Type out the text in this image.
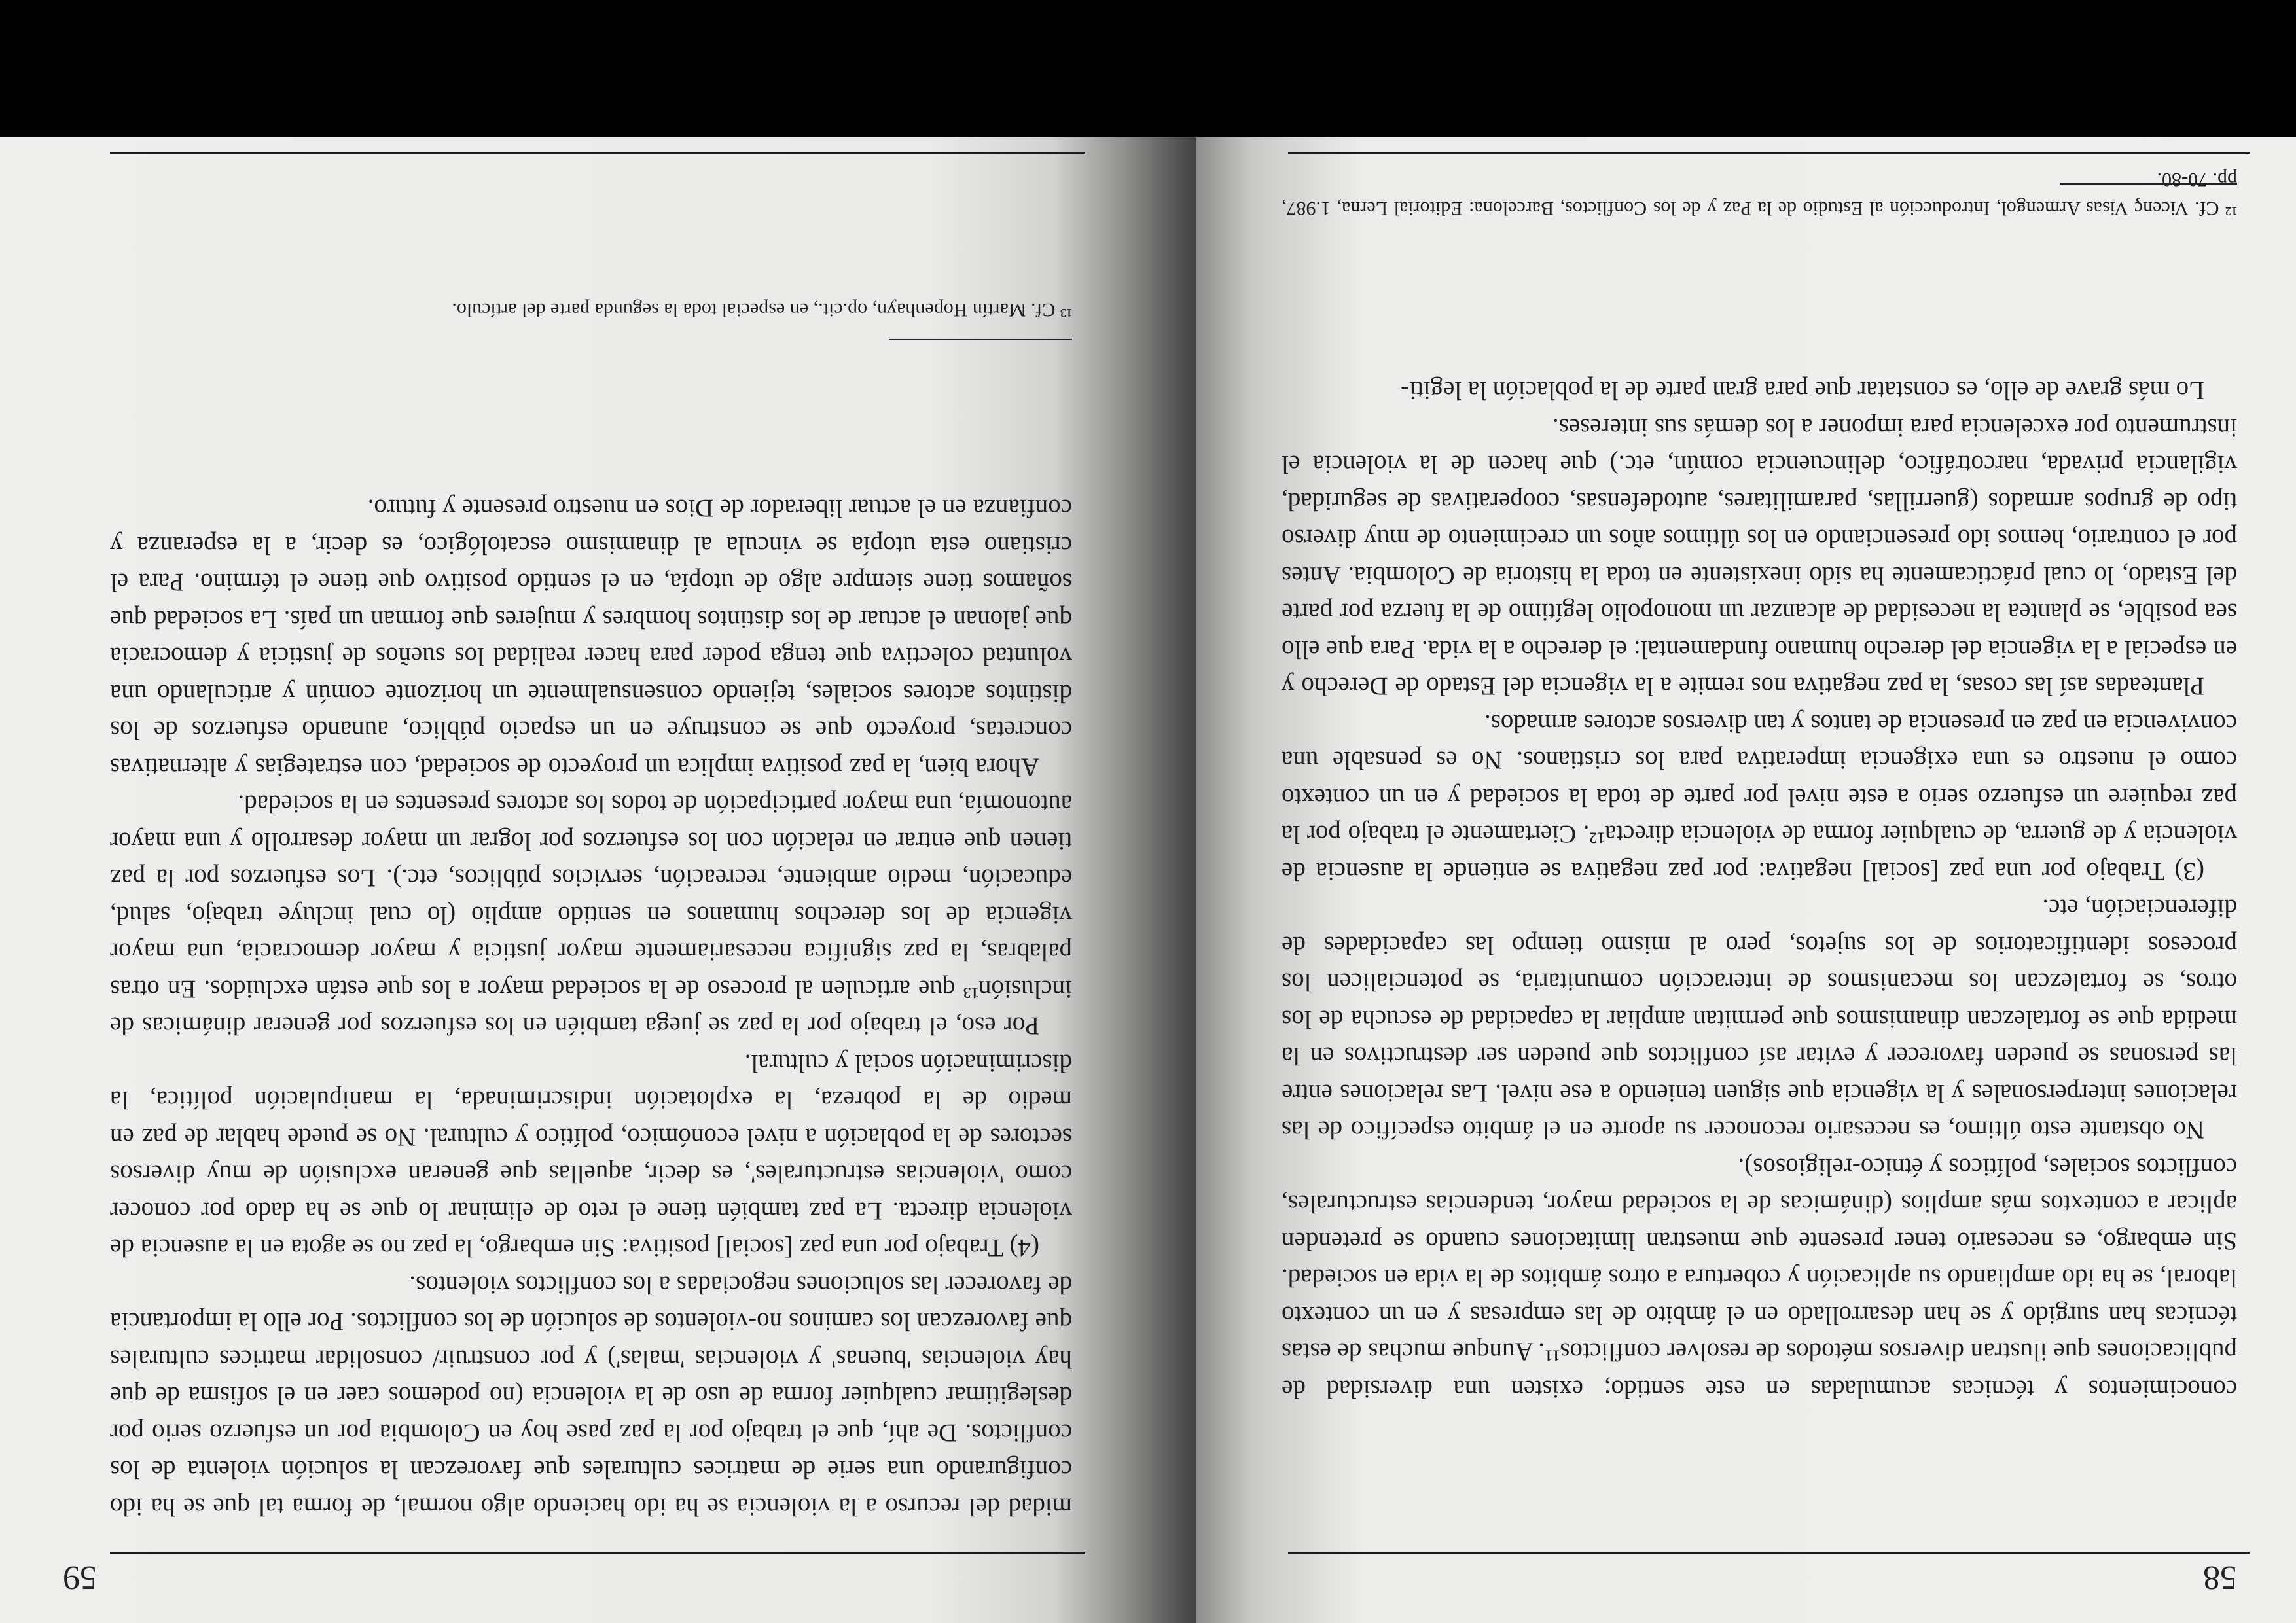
58

conocimientos y técnicas acumuladas en este sentido; existen una diversidad de publicaciones que ilustran diversos métodos de resolver conflictos¹¹. Aunque muchas de estas técnicas han surgido y se han desarrollado en el ámbito de las empresas y en un contexto laboral, se ha ido ampliando su aplicación y cobertura a otros ámbitos de la vida en sociedad. Sin embargo, es necesario tener presente que muestran limitaciones cuando se pretenden aplicar a contextos más amplios (dinámicas de la sociedad mayor, tendencias estructurales, conflictos sociales, políticos y étnico-religiosos).

No obstante esto último, es necesario reconocer su aporte en el ámbito específico de las relaciones interpersonales y la vigencia que siguen teniendo a ese nivel. Las relaciones entre las personas se pueden favorecer y evitar así conflictos que pueden ser destructivos en la medida que se fortalezcan dinamismos que permitan ampliar la capacidad de escucha de los otros, se fortalezcan los mecanismos de interacción comunitaria, se potencialicen los procesos identificatorios de los sujetos, pero al mismo tiempo las capacidades de diferenciación, etc.

(3) Trabajo por una paz [social] negativa: por paz negativa se entiende la ausencia de violencia y de guerra, de cualquier forma de violencia directa¹². Ciertamente el trabajo por la paz requiere un esfuerzo serio a este nivel por parte de toda la sociedad y en un contexto como el nuestro es una exigencia imperativa para los cristianos. No es pensable una convivencia en paz en presencia de tantos y tan diversos actores armados.

Planteadas así las cosas, la paz negativa nos remite a la vigencia del Estado de Derecho y en especial a la vigencia del derecho humano fundamental: el derecho a la vida. Para que ello sea posible, se plantea la necesidad de alcanzar un monopolio legítimo de la fuerza por parte del Estado, lo cual prácticamente ha sido inexistente en toda la historia de Colombia. Antes por el contrario, hemos ido presenciando en los últimos años un crecimiento de muy diverso tipo de grupos armados (guerrillas, paramilitares, autodefensas, cooperativas de seguridad, vigilancia privada, narcotráfico, delincuencia común, etc.) que hacen de la violencia el instrumento por excelencia para imponer a los demás sus intereses.

Lo más grave de ello, es constatar que para gran parte de la población la legiti-

¹² Cf. Vicenç Visas Armengol, Introducción al Estudio de la Paz y de los Conflictos, Barcelona: Editorial Lerna, 1.987, pp. 70-80.

59

midad del recurso a la violencia se ha ido haciendo algo normal, de forma tal que se ha ido configurando una serie de matrices culturales que favorezcan la solución violenta de los conflictos. De ahí, que el trabajo por la paz pase hoy en Colombia por un esfuerzo serio por deslegitimar cualquier forma de uso de la violencia (no podemos caer en el sofisma de que hay violencias 'buenas' y violencias 'malas') y por construir/ consolidar matrices culturales que favorezcan los caminos no-violentos de solución de los conflictos. Por ello la importancia de favorecer las soluciones negociadas a los conflictos violentos.

(4) Trabajo por una paz [social] positiva: Sin embargo, la paz no se agota en la ausencia de violencia directa. La paz también tiene el reto de eliminar lo que se ha dado por conocer como 'violencias estructurales', es decir, aquellas que generan exclusión de muy diversos sectores de la población a nivel económico, político y cultural. No se puede hablar de paz en medio de la pobreza, la explotación indiscriminada, la manipulación política, la discriminación social y cultural.

Por eso, el trabajo por la paz se juega también en los esfuerzos por generar dinámicas de inclusión¹³ que articulen al proceso de la sociedad mayor a los que están excluidos. En otras palabras, la paz significa necesariamente mayor justicia y mayor democracia, una mayor vigencia de los derechos humanos en sentido amplio (lo cual incluye trabajo, salud, educación, medio ambiente, recreación, servicios públicos, etc.). Los esfuerzos por la paz tienen que entrar en relación con los esfuerzos por lograr un mayor desarrollo y una mayor autonomía, una mayor participación de todos los actores presentes en la sociedad.

Ahora bien, la paz positiva implica un proyecto de sociedad, con estrategias y alternativas concretas, proyecto que se construye en un espacio público, aunando esfuerzos de los distintos actores sociales, tejiendo consensualmente un horizonte común y articulando una voluntad colectiva que tenga poder para hacer realidad los sueños de justicia y democracia que jalonan el actuar de los distintos hombres y mujeres que forman un país. La sociedad que soñamos tiene siempre algo de utopía, en el sentido positivo que tiene el término. Para el cristiano esta utopía se vincula al dinamismo escatológico, es decir, a la esperanza y confianza en el actuar liberador de Dios en nuestro presente y futuro.

¹³ Cf. Martín Hopenhayn, op.cit., en especial toda la segunda parte del artículo.
